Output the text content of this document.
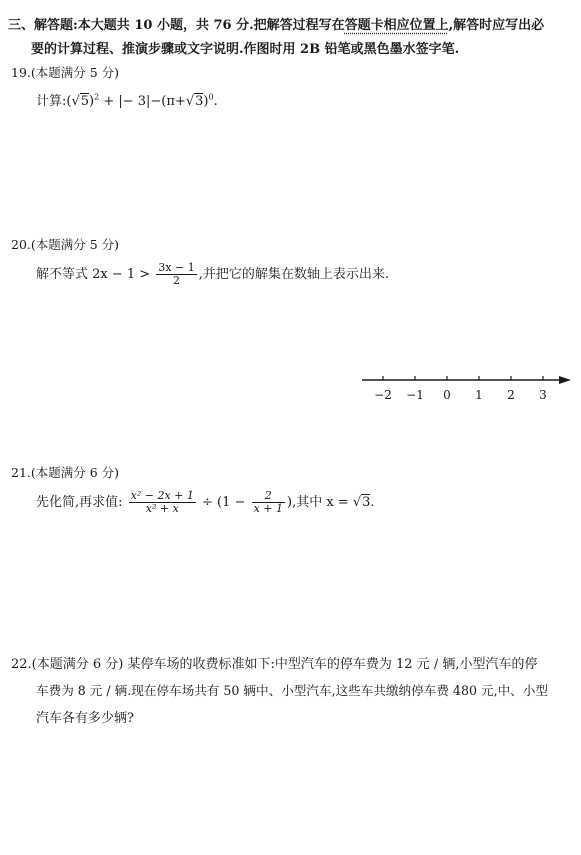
三、解答题:本大题共 10 小题，共 76 分.把解答过程写在答题卡相应位置上,解答时应写出必
要的计算过程、推演步骤或文字说明.作图时用 2B 铅笔或黑色墨水签字笔.
19.(本题满分 5 分)
计算$:(√5)^2$ + |− $3|-(\pi+√3)^0$.
20.(本题满分 5 分)
解不等式 $2x - 1 > \frac{3x - 1}{2}$ ,并把它的解集在数轴上表示出来.
−2 −1 0 1 2 3
21.(本题满分 6 分)
先化简,再求值: $\frac{\text{x² − 2x + 1}}{\text{x² + x}} \div (1 - \frac{2}{x + 1}$ ),其中 x = √3.
22.(本题满分 6 分) 某停车场的收费标准如下:中型汽车的停车费为 12 元 / 辆,小型汽车的停
车费为 8 元 / 辆.现在停车场共有 50 辆中、小型汽车,这些车共缴纳停车费 480 元,中、小型
汽车各有多少辆?
